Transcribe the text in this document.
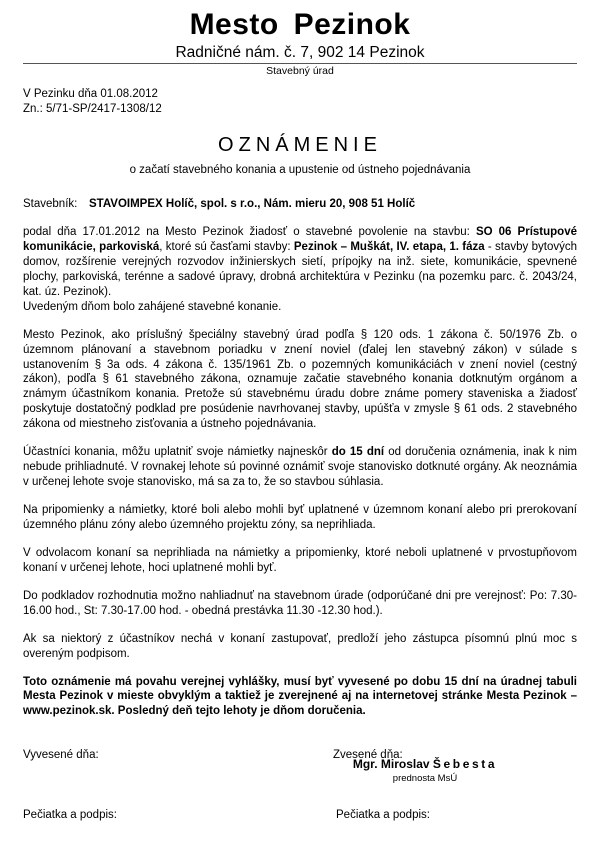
Mesto Pezinok
Radničné nám. č. 7, 902 14 Pezinok
Stavebný úrad
V Pezinku dňa 01.08.2012
Zn.: 5/71-SP/2417-1308/12
OZNÁMENIE
o začatí stavebného konania a upustenie od ústneho pojednávania
Stavebník:	STAVOIMPEX Holíč, spol. s r.o., Nám. mieru 20, 908 51 Holíč

podal dňa 17.01.2012 na Mesto Pezinok žiadosť o stavebné povolenie na stavbu: SO 06 Prístupové komunikácie, parkoviská, ktoré sú časťami stavby: Pezinok – Muškát, IV. etapa, 1. fáza - stavby bytových domov, rozšírenie verejných rozvodov inžinierskych sietí, prípojky na inž. siete, komunikácie, spevnené plochy, parkoviská, terénne a sadové úpravy, drobná architektúra v Pezinku (na pozemku parc. č. 2043/24, kat. úz. Pezinok).

Uvedeným dňom bolo zahájené stavebné konanie.

Mesto Pezinok, ako príslušný špeciálny stavebný úrad podľa § 120 ods. 1 zákona č. 50/1976 Zb. o územnom plánovaní a stavebnom poriadku v znení noviel (ďalej len stavebný zákon) v súlade s ustanovením § 3a ods. 4 zákona č. 135/1961 Zb. o pozemných komunikáciách v znení noviel (cestný zákon), podľa § 61 stavebného zákona, oznamuje začatie stavebného konania dotknutým orgánom a známym účastníkom konania. Pretože sú stavebnému úradu dobre známe pomery staveniska a žiadosť poskytuje dostatočný podklad pre posúdenie navrhovanej stavby, upúšťa v zmysle § 61 ods. 2 stavebného zákona od miestneho zisťovania a ústneho pojednávania.

Účastníci konania, môžu uplatniť svoje námietky najneskôr do 15 dní od doručenia oznámenia, inak k nim nebude prihliadnuté. V rovnakej lehote sú povinné oznámiť svoje stanovisko dotknuté orgány. Ak neoznámia v určenej lehote svoje stanovisko, má sa za to, že so stavbou súhlasia.

Na pripomienky a námietky, ktoré boli alebo mohli byť uplatnené v územnom konaní alebo pri prerokovaní územného plánu zóny alebo územného projektu zóny, sa neprihliada.

V odvolacom konaní sa neprihliada na námietky a pripomienky, ktoré neboli uplatnené v prvostupňovom konaní v určenej lehote, hoci uplatnené mohli byť.

Do podkladov rozhodnutia možno nahliadnuť na stavebnom úrade (odporúčané dni pre verejnosť: Po: 7.30-16.00 hod., St: 7.30-17.00 hod. - obedná prestávka 11.30 -12.30 hod.).

Ak sa niektorý z účastníkov nechá v konaní zastupovať, predloží jeho zástupca písomnú plnú moc s overeným podpisom.

Toto oznámenie má povahu verejnej vyhlášky, musí byť vyvesené po dobu 15 dní na úradnej tabuli Mesta Pezinok v mieste obvyklým a taktiež je zverejnené aj na internetovej stránke Mesta Pezinok – www.pezinok.sk. Posledný deň tejto lehoty je dňom doručenia.

Mgr. Miroslav Šebesta
prednosta MsÚ
Vyvesené dňa:	Zvesené dňa:
Pečiatka a podpis:	Pečiatka a podpis:
